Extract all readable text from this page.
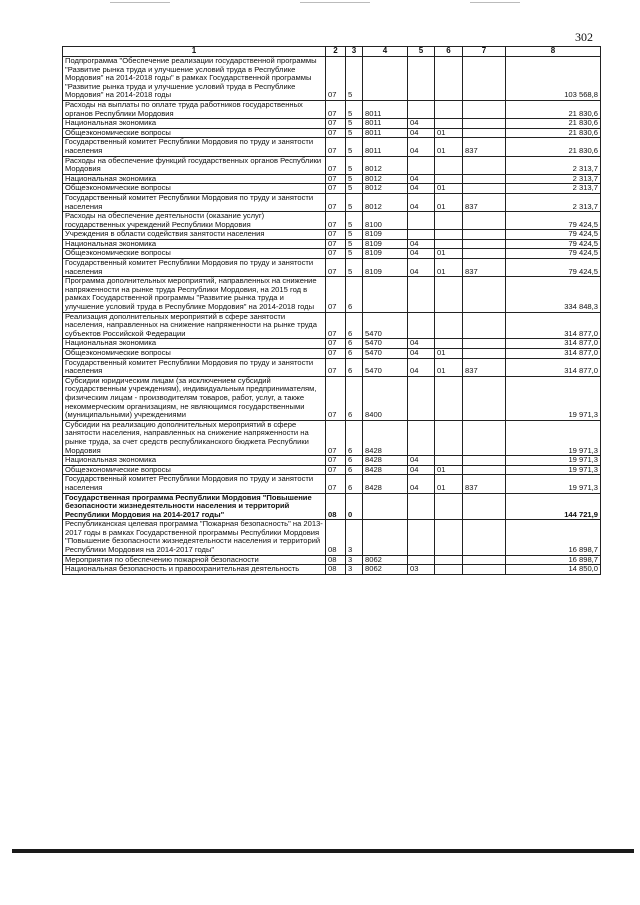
302
1	2	3	4	5	6	7	8
Подпрограмма "Обеспечение реализации государственной программы "Развитие рынка труда и улучшение условий труда в Республике Мордовия" на 2014-2018 годы" в рамках Государственной программы "Развитие рынка труда и улучшение условий труда в Республике Мордовия" на 2014-2018 годы	07	5					103 568,8
Расходы на выплаты по оплате труда работников государственных органов Республики Мордовия	07	5	8011				21 830,6
Национальная экономика	07	5	8011	04			21 830,6
Общеэкономические вопросы	07	5	8011	04	01		21 830,6
Государственный комитет Республики Мордовия по труду и занятости населения	07	5	8011	04	01	837	21 830,6
Расходы на обеспечение функций государственных органов Республики Мордовия	07	5	8012				2 313,7
Национальная экономика	07	5	8012	04			2 313,7
Общеэкономические вопросы	07	5	8012	04	01		2 313,7
Государственный комитет Республики Мордовия по труду и занятости населения	07	5	8012	04	01	837	2 313,7
Расходы на обеспечение деятельности (оказание услуг) государственных учреждений Республики Мордовия	07	5	8100				79 424,5
Учреждения в области содействия занятости населения	07	5	8109				79 424,5
Национальная экономика	07	5	8109	04			79 424,5
Общеэкономические вопросы	07	5	8109	04	01		79 424,5
Государственный комитет Республики Мордовия по труду и занятости населения	07	5	8109	04	01	837	79 424,5
Программа дополнительных мероприятий, направленных на снижение напряженности на рынке труда Республики Мордовия, на 2015 год в рамках Государственной программы "Развитие рынка труда и улучшение условий труда в Республике Мордовия" на 2014-2018 годы	07	6					334 848,3
Реализация дополнительных мероприятий в сфере занятости населения, направленных на снижение напряженности на рынке труда субъектов Российской Федерации	07	6	5470				314 877,0
Национальная экономика	07	6	5470	04			314 877,0
Общеэкономические вопросы	07	6	5470	04	01		314 877,0
Государственный комитет Республики Мордовия по труду и занятости населения	07	6	5470	04	01	837	314 877,0
Субсидии юридическим лицам (за исключением субсидий государственным учреждениям), индивидуальным предпринимателям, физическим лицам - производителям товаров, работ, услуг, а также некоммерческим организациям, не являющимся государственными (муниципальными) учреждениями	07	6	8400				19 971,3
Субсидии на реализацию дополнительных мероприятий в сфере занятости населения, направленных на снижение напряженности на рынке труда, за счет средств республиканского бюджета Республики Мордовия	07	6	8428				19 971,3
Национальная экономика	07	6	8428	04			19 971,3
Общеэкономические вопросы	07	6	8428	04	01		19 971,3
Государственный комитет Республики Мордовия по труду и занятости населения	07	6	8428	04	01	837	19 971,3
Государственная программа Республики Мордовия "Повышение безопасности жизнедеятельности населения и территорий Республики Мордовия на 2014-2017 годы"	08	0					144 721,9
Республиканская целевая программа "Пожарная безопасность" на 2013-2017 годы в рамках Государственной программы Республики Мордовия "Повышение безопасности жизнедеятельности населения и территорий Республики Мордовия на 2014-2017 годы"	08	3					16 898,7
Мероприятия по обеспечению пожарной безопасности	08	3	8062				16 898,7
Национальная безопасность и правоохранительная деятельность	08	3	8062	03			14 850,0
